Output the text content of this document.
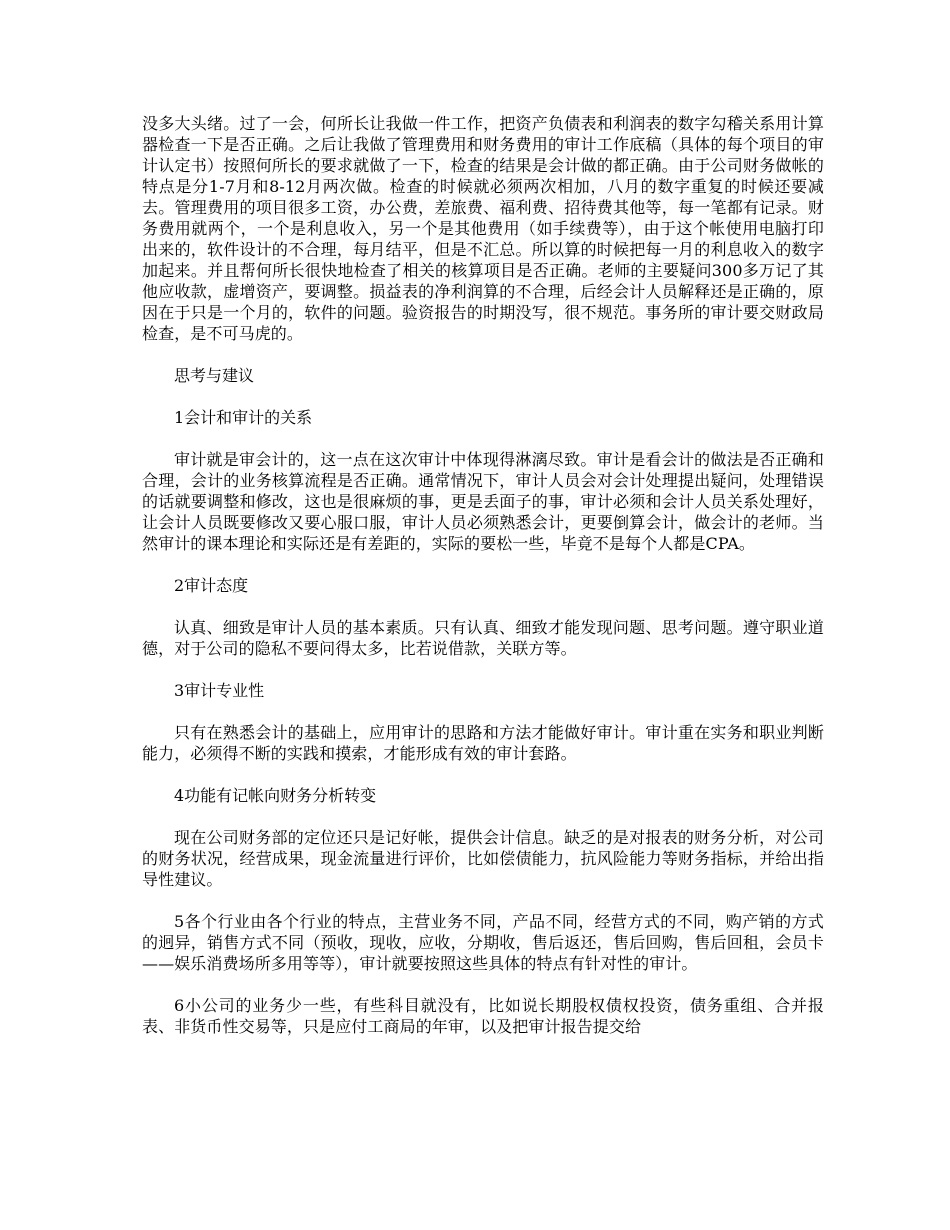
没多大头绪。过了一会，何所长让我做一件工作，把资产负债表和利润表的数字勾稽关系用计算器检查一下是否正确。之后让我做了管理费用和财务费用的审计工作底稿（具体的每个项目的审计认定书）按照何所长的要求就做了一下，检查的结果是会计做的都正确。由于公司财务做帐的特点是分1-7月和8-12月两次做。检查的时候就必须两次相加，八月的数字重复的时候还要减去。管理费用的项目很多工资，办公费，差旅费、福利费、招待费其他等，每一笔都有记录。财务费用就两个，一个是利息收入，另一个是其他费用（如手续费等），由于这个帐使用电脑打印出来的，软件设计的不合理，每月结平，但是不汇总。所以算的时候把每一月的利息收入的数字加起来。并且帮何所长很快地检查了相关的核算项目是否正确。老师的主要疑问300多万记了其他应收款，虚增资产，要调整。损益表的净利润算的不合理，后经会计人员解释还是正确的，原因在于只是一个月的，软件的问题。验资报告的时期没写，很不规范。事务所的审计要交财政局检查，是不可马虎的。

思考与建议

1会计和审计的关系

审计就是审会计的，这一点在这次审计中体现得淋漓尽致。审计是看会计的做法是否正确和合理，会计的业务核算流程是否正确。通常情况下，审计人员会对会计处理提出疑问，处理错误的话就要调整和修改，这也是很麻烦的事，更是丢面子的事，审计必须和会计人员关系处理好，让会计人员既要修改又要心服口服，审计人员必须熟悉会计，更要倒算会计，做会计的老师。当然审计的课本理论和实际还是有差距的，实际的要松一些，毕竟不是每个人都是CPA。

2审计态度

认真、细致是审计人员的基本素质。只有认真、细致才能发现问题、思考问题。遵守职业道德，对于公司的隐私不要问得太多，比若说借款，关联方等。

3审计专业性

只有在熟悉会计的基础上，应用审计的思路和方法才能做好审计。审计重在实务和职业判断能力，必须得不断的实践和摸索，才能形成有效的审计套路。

4功能有记帐向财务分析转变

现在公司财务部的定位还只是记好帐，提供会计信息。缺乏的是对报表的财务分析，对公司的财务状况，经营成果，现金流量进行评价，比如偿债能力，抗风险能力等财务指标，并给出指导性建议。

5各个行业由各个行业的特点，主营业务不同，产品不同，经营方式的不同，购产销的方式的迥异，销售方式不同（预收，现收，应收，分期收，售后返还，售后回购，售后回租，会员卡——娱乐消费场所多用等等），审计就要按照这些具体的特点有针对性的审计。

6小公司的业务少一些，有些科目就没有，比如说长期股权债权投资，债务重组、合并报表、非货币性交易等，只是应付工商局的年审，以及把审计报告提交给
